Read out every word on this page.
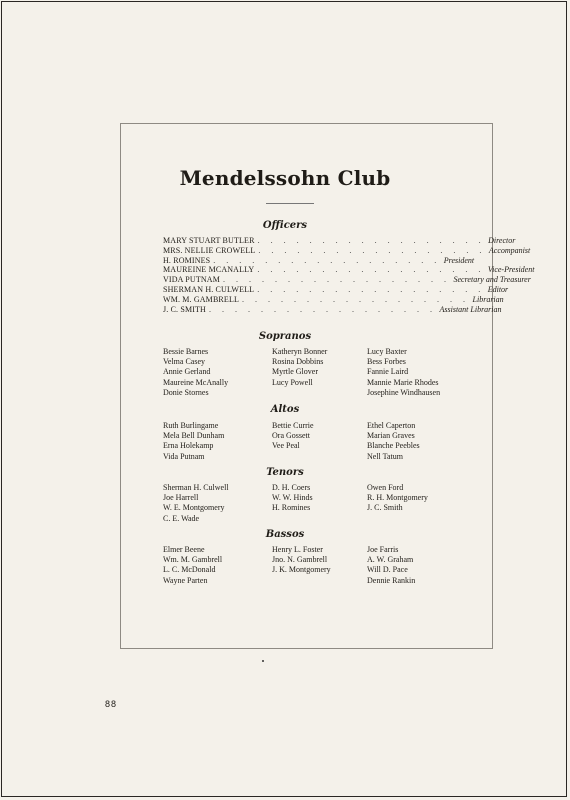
Mendelssohn Club
Officers
MARY STUART BUTLER . . . . . . . . . . . . . . . . . . Director
MRS. NELLIE CROWELL . . . . . . . . . . . . . . . . . . Accompanist
H. ROMINES . . . . . . . . . . . . . . . . . . President
MAUREINE MCANALLY . . . . . . . . . . . . . . . . . . Vice-President
VIDA PUTNAM . . . . . . . . . . . . . . . . . . Secretary and Treasurer
SHERMAN H. CULWELL . . . . . . . . . . . . . . . . . . Editor
WM. M. GAMBRELL . . . . . . . . . . . . . . . . . . Librarian
J. C. SMITH . . . . . . . . . . . . . . . . . . Assistant Librarian
Sopranos
Bessie Barnes
Velma Casey
Annie Gerland
Maureine McAnally
Donie Stornes
Katheryn Bonner
Rosina Dobbins
Myrtle Glover
Lucy Powell
Lucy Baxter
Bess Forbes
Fannie Laird
Mannie Marie Rhodes
Josephine Windhausen
Altos
Ruth Burlingame
Mela Bell Dunham
Erna Holekamp
Vida Putnam
Bettie Currie
Ora Gossett
Vee Peal
Ethel Caperton
Marian Graves
Blanche Peebles
Nell Tatum
Tenors
Sherman H. Culwell
Joe Harrell
W. E. Montgomery
C. E. Wade
D. H. Coers
W. W. Hinds
H. Romines
Owen Ford
R. H. Montgomery
J. C. Smith
Bassos
Elmer Beene
Wm. M. Gambrell
L. C. McDonald
Wayne Parten
Henry L. Foster
Jno. N. Gambrell
J. K. Montgomery
Joe Farris
A. W. Graham
Will D. Pace
Dennie Rankin
88
